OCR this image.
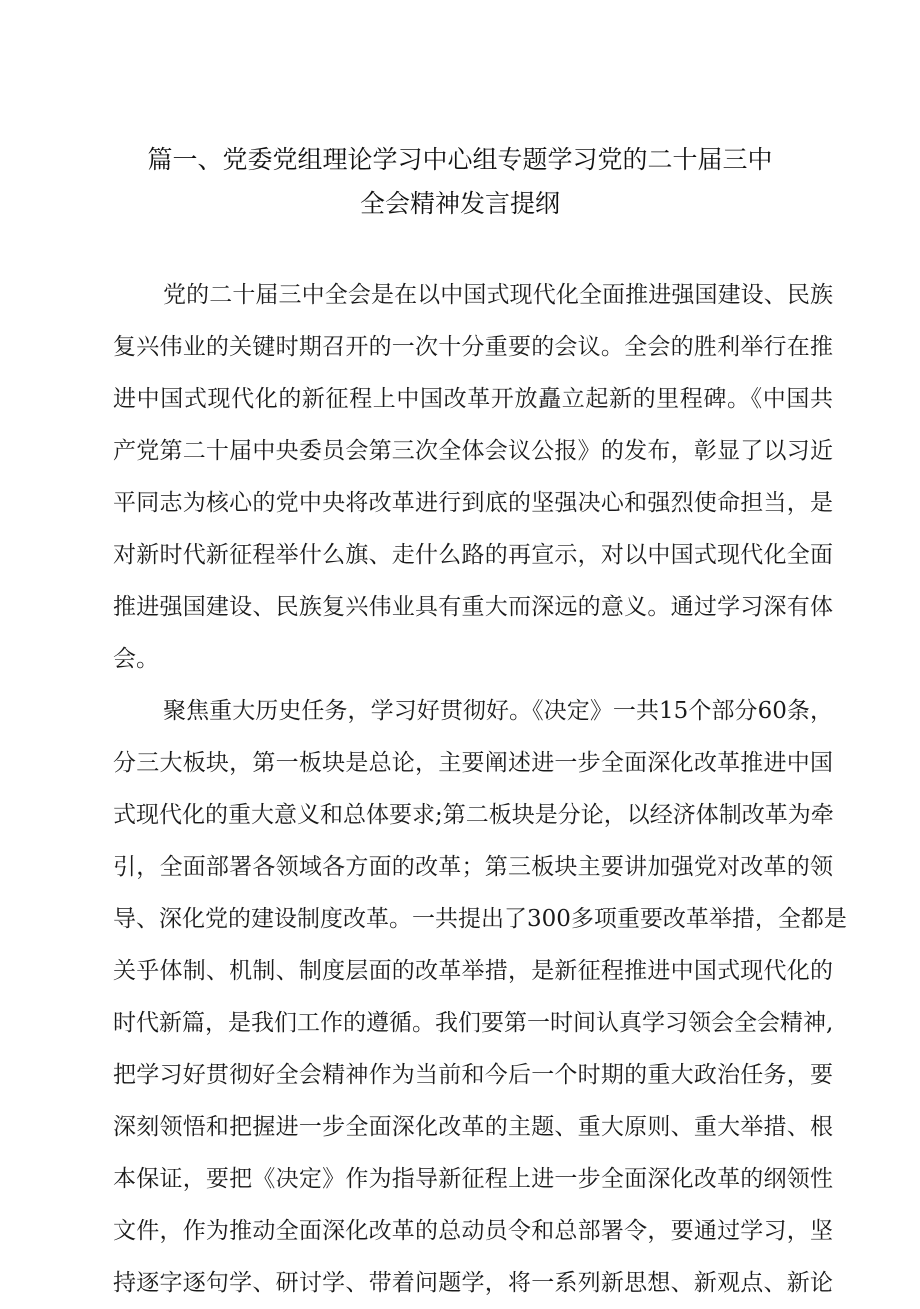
篇一、党委党组理论学习中心组专题学习党的二十届三中
全会精神发言提纲
党的二十届三中全会是在以中国式现代化全面推进强国建设、民族
复兴伟业的关键时期召开的一次十分重要的会议。全会的胜利举行在推
进中国式现代化的新征程上中国改革开放矗立起新的里程碑。《中国共
产党第二十届中央委员会第三次全体会议公报》的发布，彰显了以习近
平同志为核心的党中央将改革进行到底的坚强决心和强烈使命担当，是
对新时代新征程举什么旗、走什么路的再宣示，对以中国式现代化全面
推进强国建设、民族复兴伟业具有重大而深远的意义。通过学习深有体
会。
聚焦重大历史任务，学习好贯彻好。《决定》一共15个部分60条，
分三大板块，第一板块是总论，主要阐述进一步全面深化改革推进中国
式现代化的重大意义和总体要求;第二板块是分论，以经济体制改革为牵
引，全面部署各领域各方面的改革；第三板块主要讲加强党对改革的领
导、深化党的建设制度改革。一共提出了300多项重要改革举措，全都是
关乎体制、机制、制度层面的改革举措，是新征程推进中国式现代化的
时代新篇，是我们工作的遵循。我们要第一时间认真学习领会全会精神,
把学习好贯彻好全会精神作为当前和今后一个时期的重大政治任务，要
深刻领悟和把握进一步全面深化改革的主题、重大原则、重大举措、根
本保证，要把《决定》作为指导新征程上进一步全面深化改革的纲领性
文件，作为推动全面深化改革的总动员令和总部署令，要通过学习，坚
持逐字逐句学、研讨学、带着问题学，将一系列新思想、新观点、新论
